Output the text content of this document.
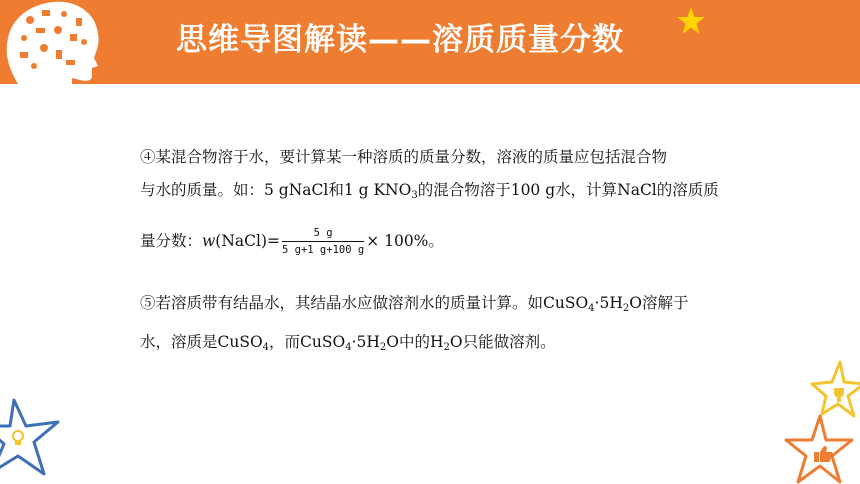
思维导图解读——溶质质量分数
④某混合物溶于水，要计算某一种溶质的质量分数，溶液的质量应包括混合物
与水的质量。如：5 gNaCl和1 g $KNO_3$的混合物溶于100 g水，计算NaCl的溶质质
量分数：w(NaCl)= $\frac{5 g}{5 g+1 g+100 g} \times 100\%$。
⑤若溶质带有结晶水，其结晶水应做溶剂水的质量计算。如$CuSO_4\cdot 5H_2O$溶解于
水，溶质是CuSO$_4$，而$CuSO_4\cdot 5H_2O$中的$H_2O$只能做溶剂。
